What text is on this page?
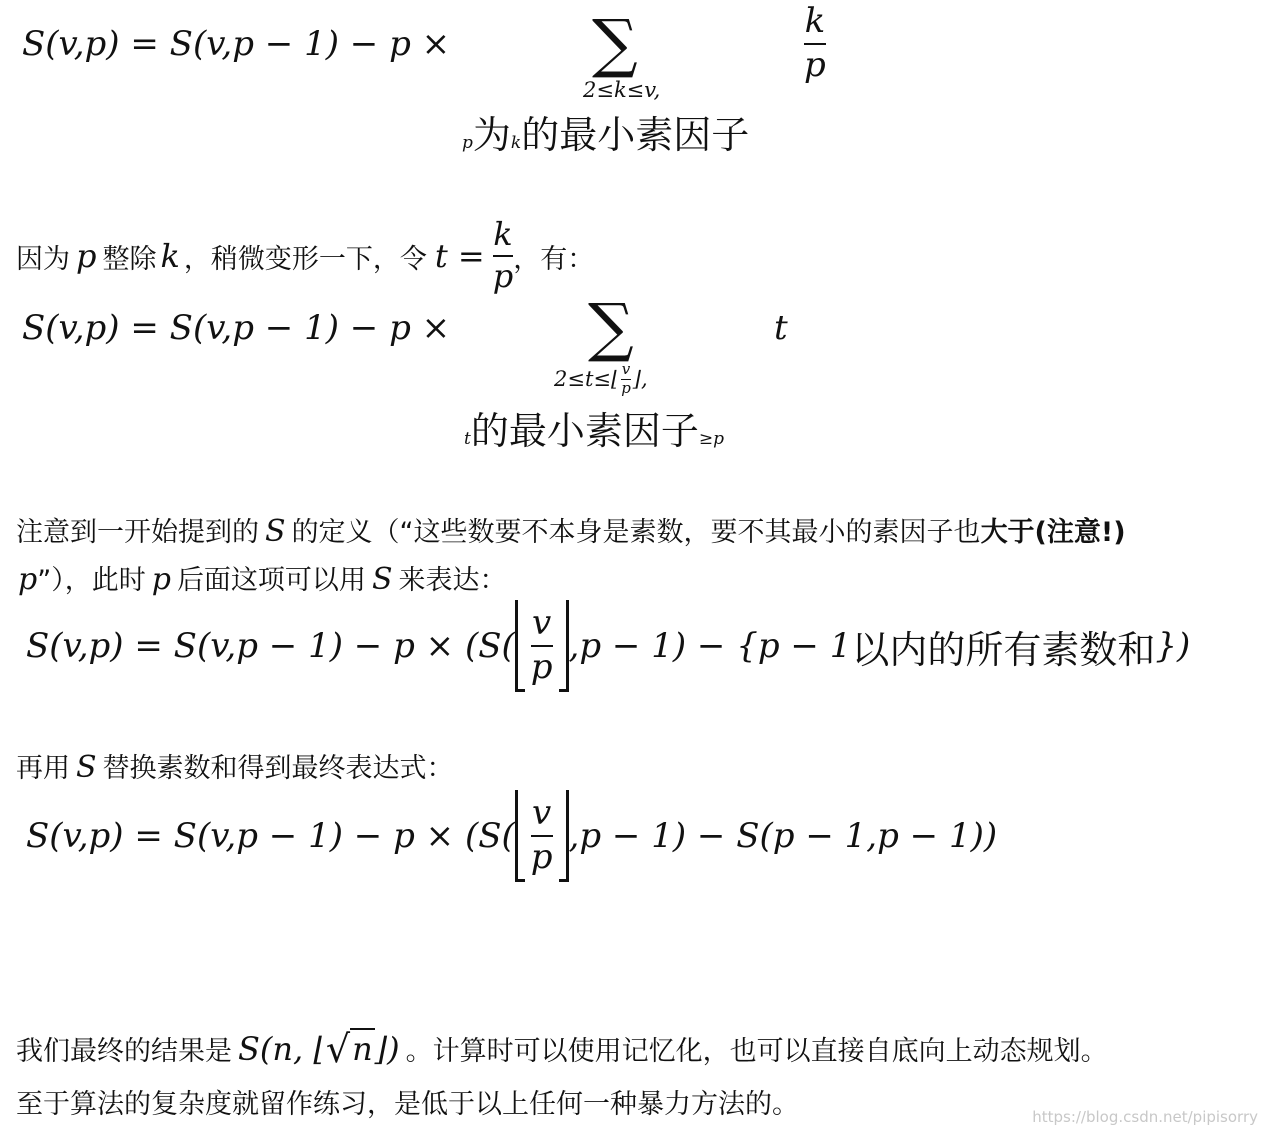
S(v,p) = S(v,p − 1) − p × ∑
2≤k≤v,
p为k的最小素因子
$\frac{k}{p}$
因为 p 整除 k ，稍微变形一下，令 $t = \frac{k}{p}$ ，有：
S(v,p) = S(v,p − 1) − p × ∑
2≤t≤⌊ $\frac{v}{p}$ ⌋,
t的最小素因子≥p
t
注意到一开始提到的 S 的定义（“这些数要不本身是素数，要不其最小的素因子也大于(注意!)
p”），此时 p 后面这项可以用 S 来表达：
$S(v,p) = S(v,p - 1) - p \times (S( \frac{v}{p} ,p - 1) - \{p - 1$ 以内的所有素数和 })
再用 S 替换素数和得到最终表达式：
$S(v,p) = S(v,p - 1) - p \times (S( \frac{v}{p} ,p - 1) - S(p - 1,p - 1))$
我们最终的结果是 S(n, ⌊ √ n ⌋) 。计算时可以使用记忆化，也可以直接自底向上动态规划。
至于算法的复杂度就留作练习，是低于以上任何一种暴力方法的。	https://blog.csdn.net/pipisorry
